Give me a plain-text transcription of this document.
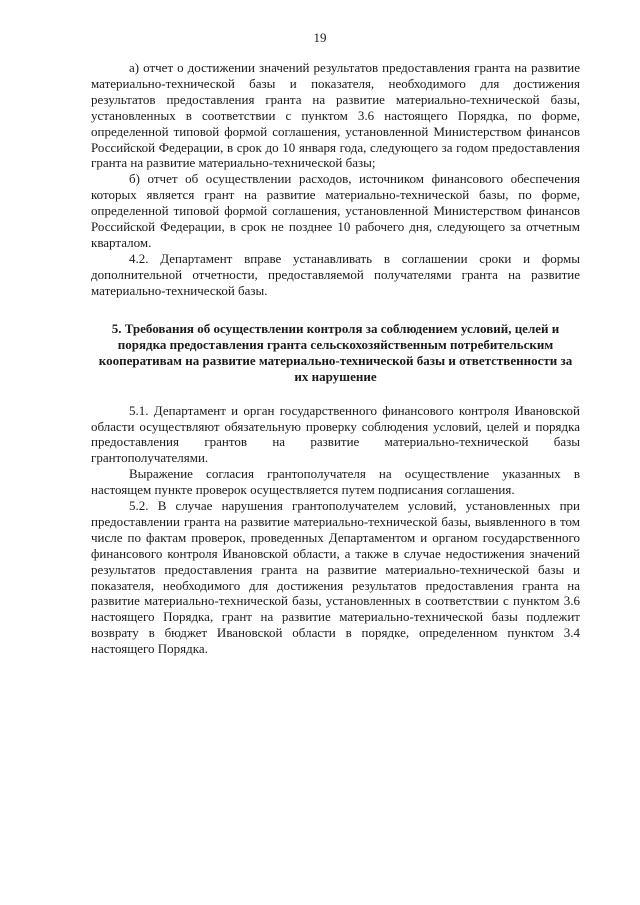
19

а) отчет о достижении значений результатов предоставления гранта на развитие материально-технической базы и показателя, необходимого для достижения результатов предоставления гранта на развитие материально-технической базы, установленных в соответствии с пунктом 3.6 настоящего Порядка, по форме, определенной типовой формой соглашения, установленной Министерством финансов Российской Федерации, в срок до 10 января года, следующего за годом предоставления гранта на развитие материально-технической базы;

б) отчет об осуществлении расходов, источником финансового обеспечения которых является грант на развитие материально-технической базы, по форме, определенной типовой формой соглашения, установленной Министерством финансов Российской Федерации, в срок не позднее 10 рабочего дня, следующего за отчетным кварталом.

4.2. Департамент вправе устанавливать в соглашении сроки и формы дополнительной отчетности, предоставляемой получателями гранта на развитие материально-технической базы.

5. Требования об осуществлении контроля за соблюдением условий, целей и порядка предоставления гранта сельскохозяйственным потребительским кооперативам на развитие материально-технической базы и ответственности за их нарушение

5.1. Департамент и орган государственного финансового контроля Ивановской области осуществляют обязательную проверку соблюдения условий, целей и порядка предоставления грантов на развитие материально-технической базы грантополучателями.

Выражение согласия грантополучателя на осуществление указанных в настоящем пункте проверок осуществляется путем подписания соглашения.

5.2. В случае нарушения грантополучателем условий, установленных при предоставлении гранта на развитие материально-технической базы, выявленного в том числе по фактам проверок, проведенных Департаментом и органом государственного финансового контроля Ивановской области, а также в случае недостижения значений результатов предоставления гранта на развитие материально-технической базы и показателя, необходимого для достижения результатов предоставления гранта на развитие материально-технической базы, установленных в соответствии с пунктом 3.6 настоящего Порядка, грант на развитие материально-технической базы подлежит возврату в бюджет Ивановской области в порядке, определенном пунктом 3.4 настоящего Порядка.
